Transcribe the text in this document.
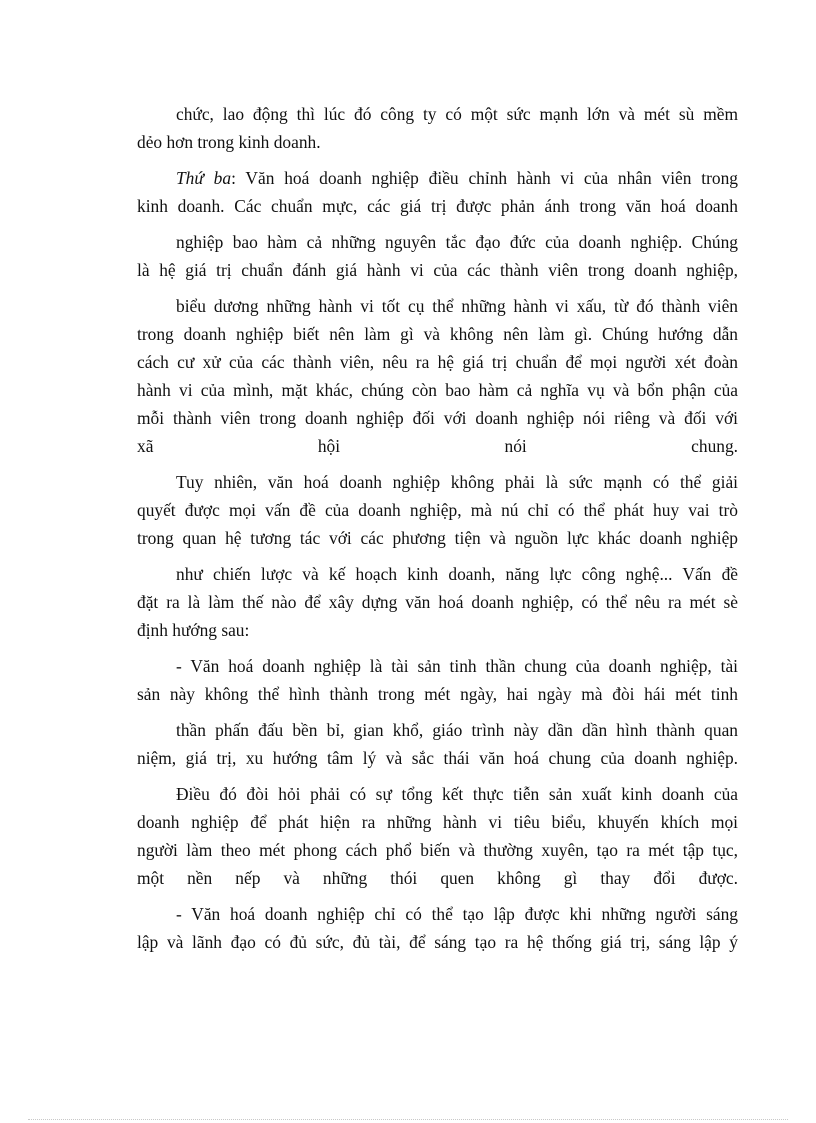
chức, lao động thì lúc đó công ty có một sức mạnh lớn và mét sù mềm
dẻo hơn trong kinh doanh.
Thứ ba: Văn hoá doanh nghiệp điều chỉnh hành vi của nhân viên trong
kinh doanh. Các chuẩn mực, các giá trị được phản ánh trong văn hoá doanh
nghiệp bao hàm cả những nguyên tắc đạo đức của doanh nghiệp. Chúng
là hệ giá trị chuẩn đánh giá hành vi của các thành viên trong doanh nghiệp,
biểu dương những hành vi tốt cụ thể những hành vi xấu, từ đó thành viên
trong doanh nghiệp biết nên làm gì và không nên làm gì. Chúng hướng dẫn
cách cư xử của các thành viên, nêu ra hệ giá trị chuẩn để mọi người xét đoàn
hành vi của mình, mặt khác, chúng còn bao hàm cả nghĩa vụ và bổn phận của
mỗi thành viên trong doanh nghiệp đối với doanh nghiệp nói riêng và đối với
xã hội nói chung.
Tuy nhiên, văn hoá doanh nghiệp không phải là sức mạnh có thể giải
quyết được mọi vấn đề của doanh nghiệp, mà nú chỉ có thể phát huy vai trò
trong quan hệ tương tác với các phương tiện và nguồn lực khác doanh nghiệp
như chiến lược và kế hoạch kinh doanh, năng lực công nghệ... Vấn đề
đặt ra là làm thế nào để xây dựng văn hoá doanh nghiệp, có thể nêu ra mét sè
định hướng sau:
- Văn hoá doanh nghiệp là tài sản tinh thần chung của doanh nghiệp, tài
sản này không thể hình thành trong mét ngày, hai ngày mà đòi hái mét tinh
thần phấn đấu bền bỉ, gian khổ, giáo trình này dần dần hình thành quan
niệm, giá trị, xu hướng tâm lý và sắc thái văn hoá chung của doanh nghiệp.
Điều đó đòi hỏi phải có sự tổng kết thực tiễn sản xuất kinh doanh của
doanh nghiệp để phát hiện ra những hành vi tiêu biểu, khuyến khích mọi
người làm theo mét phong cách phổ biến và thường xuyên, tạo ra mét tập tục,
một nền nếp và những thói quen không gì thay đổi được.
- Văn hoá doanh nghiệp chỉ có thể tạo lập được khi những người sáng
lập và lãnh đạo có đủ sức, đủ tài, để sáng tạo ra hệ thống giá trị, sáng lập ý
